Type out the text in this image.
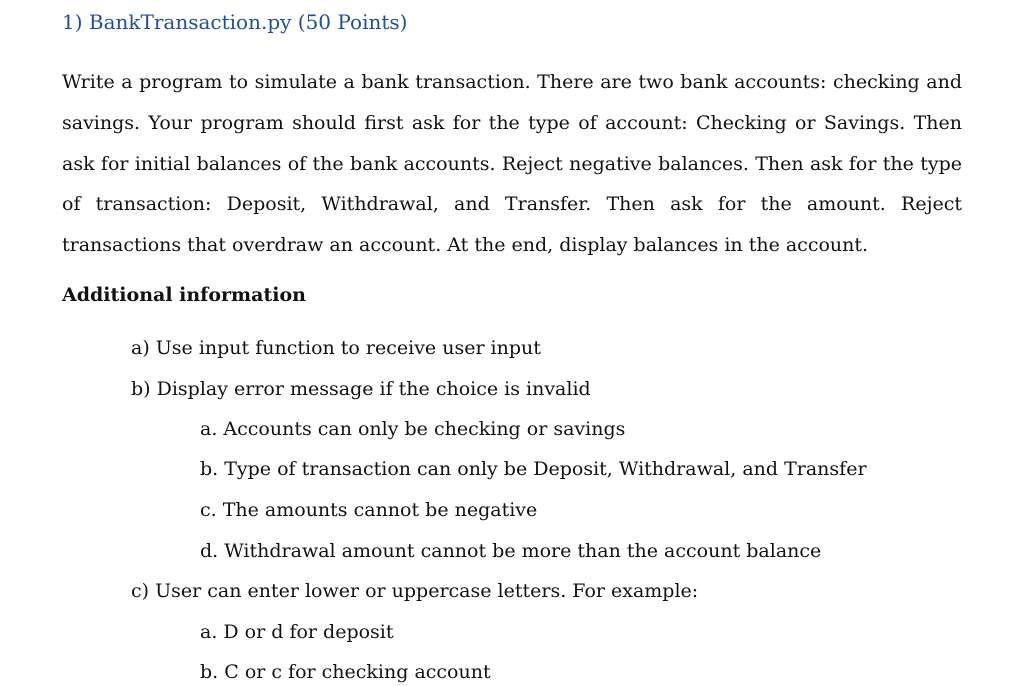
1) BankTransaction.py (50 Points)
Write a program to simulate a bank transaction. There are two bank accounts: checking and savings. Your program should first ask for the type of account: Checking or Savings. Then ask for initial balances of the bank accounts. Reject negative balances. Then ask for the type of transaction: Deposit, Withdrawal, and Transfer. Then ask for the amount. Reject transactions that overdraw an account. At the end, display balances in the account.
Additional information
a) Use input function to receive user input
b) Display error message if the choice is invalid
a. Accounts can only be checking or savings
b. Type of transaction can only be Deposit, Withdrawal, and Transfer
c. The amounts cannot be negative
d. Withdrawal amount cannot be more than the account balance
c) User can enter lower or uppercase letters. For example:
a. D or d for deposit
b. C or c for checking account
